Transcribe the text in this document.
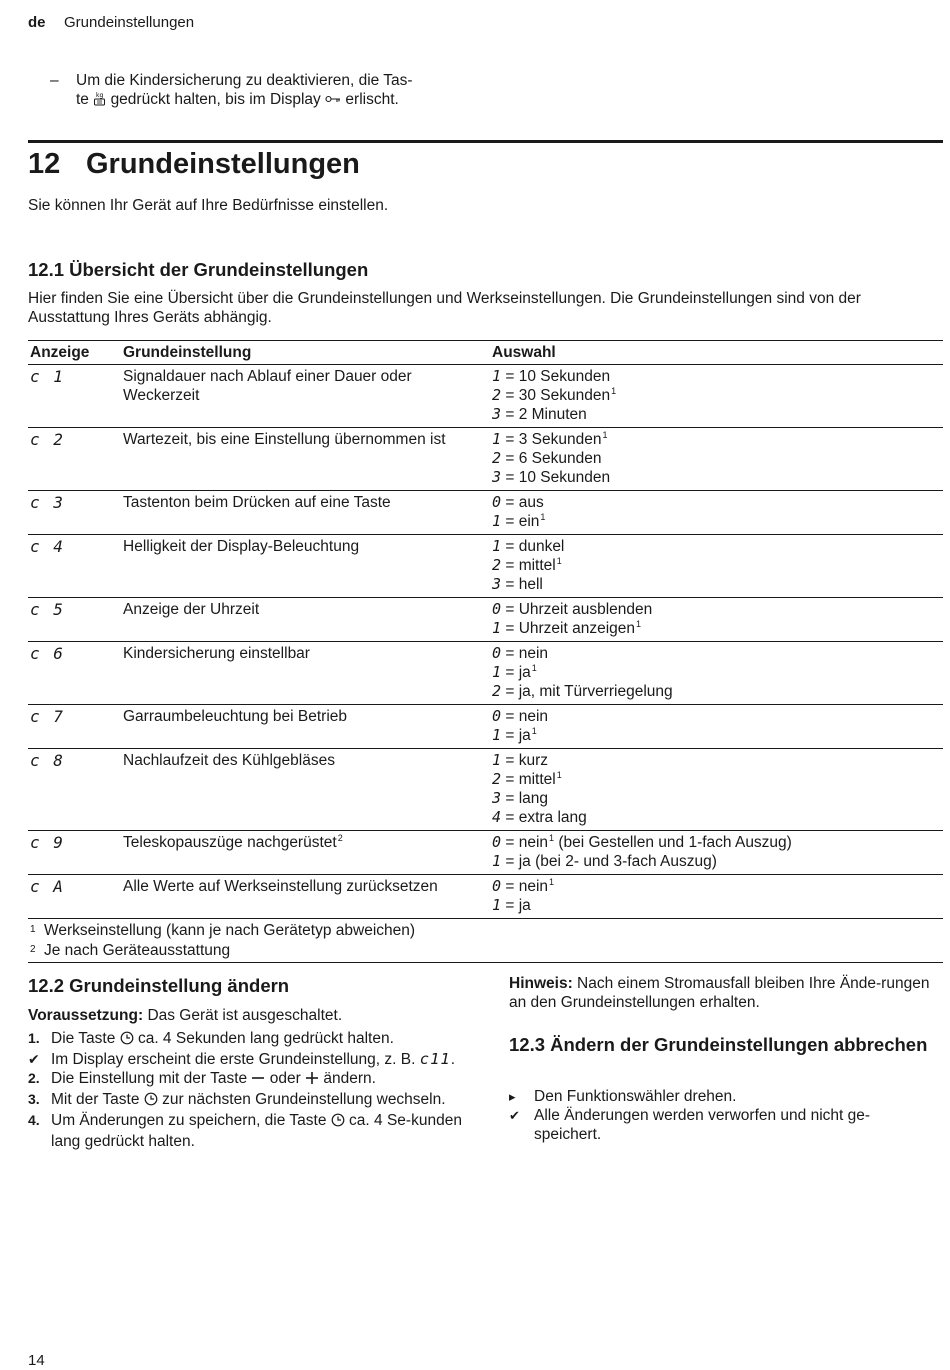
de Grundeinstellungen
– Um die Kindersicherung zu deaktivieren, die Tas-
te kg gedrückt halten, bis im Display erlischt.
12 Grundeinstellungen
Sie können Ihr Gerät auf Ihre Bedürfnisse einstellen.
12.1 Übersicht der Grundeinstellungen
Hier finden Sie eine Übersicht über die Grundeinstellungen und Werkseinstellungen. Die Grundeinstellungen sind von der Ausstattung Ihres Geräts abhängig.
Anzeige	Grundeinstellung	Auswahl
c 1	Signaldauer nach Ablauf einer Dauer oder Weckerzeit	1 = 10 Sekunden
2 = 30 Sekunden$^1$
3 = 2 Minuten

c 2	Wartezeit, bis eine Einstellung übernommen ist	1 = 3 Sekunden$^1$
2 = 6 Sekunden
3 = 10 Sekunden

c 3	Tastenton beim Drücken auf eine Taste	0 = aus
1 = ein$^1$

c 4	Helligkeit der Display-Beleuchtung	1 = dunkel
2 = mittel$^1$
3 = hell

c 5	Anzeige der Uhrzeit	0 = Uhrzeit ausblenden
1 = Uhrzeit anzeigen$^1$

c 6	Kindersicherung einstellbar	0 = nein
$1 = ja^1$
2 = ja, mit Türverriegelung

c 7	Garraumbeleuchtung bei Betrieb	0 = nein
$1 = ja^1$

c 8	Nachlaufzeit des Kühlgebläses	1 = kurz
2 = mittel$^1$
3 = lang
4 = extra lang

c 9	Teleskopauszüge nachgerüstet$^2$	0 = nein$^1$ (bei Gestellen und 1-fach Auszug)
1 = ja (bei 2- und 3-fach Auszug)

c A	Alle Werte auf Werkseinstellung zurücksetzen	0 = nein$^1$
1 = ja

1 Werkseinstellung (kann je nach Gerätetyp abweichen)
2 Je nach Geräteausstattung		
12.2 Grundeinstellung ändern
Voraussetzung: Das Gerät ist ausgeschaltet.
1. Die Taste  ca. 4 Sekunden lang gedrückt halten.
✔ Im Display erscheint die erste Grundeinstellung, z. B. c11.
2. Die Einstellung mit der Taste  oder  ändern.
3. Mit der Taste  zur nächsten Grundeinstellung wechseln.
4. Um Änderungen zu speichern, die Taste  ca. 4 Se-kunden lang gedrückt halten.
Hinweis: Nach einem Stromausfall bleiben Ihre Ände-rungen an den Grundeinstellungen erhalten.
12.3 Ändern der Grundeinstellungen abbrechen
▸ Den Funktionswähler drehen.
✔ Alle Änderungen werden verworfen und nicht ge-speichert.
14
